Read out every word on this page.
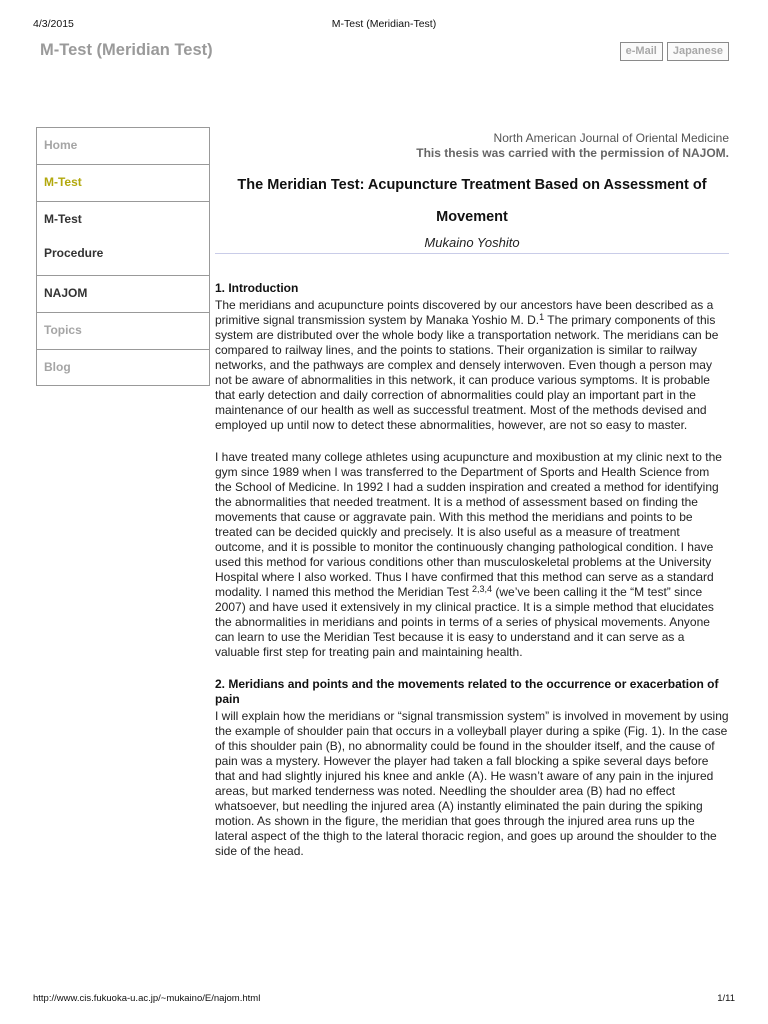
4/3/2015	M-Test (Meridian-Test)
M-Test (Meridian Test)	e-Mail	Japanese
Home
M-Test
M-Test
Procedure
NAJOM
Topics
Blog
North American Journal of Oriental Medicine
This thesis was carried with the permission of NAJOM.
The Meridian Test: Acupuncture Treatment Based on Assessment of Movement
Mukaino Yoshito
1. Introduction

The meridians and acupuncture points discovered by our ancestors have been described as a primitive signal transmission system by Manaka Yoshio M. D.$^1$ The primary components of this system are distributed over the whole body like a transportation network. The meridians can be compared to railway lines, and the points to stations. Their organization is similar to railway networks, and the pathways are complex and densely interwoven. Even though a person may not be aware of abnormalities in this network, it can produce various symptoms. It is probable that early detection and daily correction of abnormalities could play an important part in the maintenance of our health as well as successful treatment. Most of the methods devised and employed up until now to detect these abnormalities, however, are not so easy to master.

I have treated many college athletes using acupuncture and moxibustion at my clinic next to the gym since 1989 when I was transferred to the Department of Sports and Health Science from the School of Medicine. In 1992 I had a sudden inspiration and created a method for identifying the abnormalities that needed treatment. It is a method of assessment based on finding the movements that cause or aggravate pain. With this method the meridians and points to be treated can be decided quickly and precisely. It is also useful as a measure of treatment outcome, and it is possible to monitor the continuously changing pathological condition. I have used this method for various conditions other than musculoskeletal problems at the University Hospital where I also worked. Thus I have confirmed that this method can serve as a standard modality. I named this method the Meridian Test $^{2,3,4}$ (we’ve been calling it the “M test” since 2007) and have used it extensively in my clinical practice. It is a simple method that elucidates the abnormalities in meridians and points in terms of a series of physical movements. Anyone can learn to use the Meridian Test because it is easy to understand and it can serve as a valuable first step for treating pain and maintaining health.

2. Meridians and points and the movements related to the occurrence or exacerbation of pain

I will explain how the meridians or “signal transmission system” is involved in movement by using the example of shoulder pain that occurs in a volleyball player during a spike (Fig. 1). In the case of this shoulder pain (B), no abnormality could be found in the shoulder itself, and the cause of pain was a mystery. However the player had taken a fall blocking a spike several days before that and had slightly injured his knee and ankle (A). He wasn’t aware of any pain in the injured areas, but marked tenderness was noted. Needling the shoulder area (B) had no effect whatsoever, but needling the injured area (A) instantly eliminated the pain during the spiking motion. As shown in the figure, the meridian that goes through the injured area runs up the lateral aspect of the thigh to the lateral thoracic region, and goes up around the shoulder to the side of the head.

http://www.cis.fukuoka-u.ac.jp/~mukaino/E/najom.html	1/11
